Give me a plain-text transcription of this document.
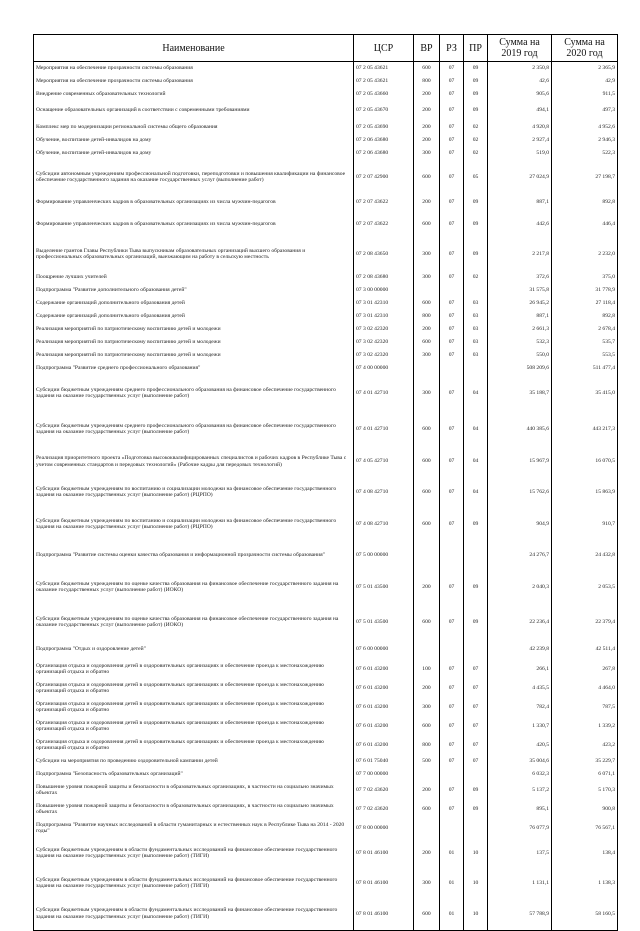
Наименование	ЦСР	ВР	РЗ	ПР	Сумма на 2019 год	Сумма на 2020 год
Мероприятия на обеспечение прозрачности системы образования	07 2 05 43621	600	07	09	2 350,8	2 365,9
Мероприятия на обеспечение прозрачности системы образования	07 2 05 43621	800	07	09	42,6	42,9
Внедрение современных образовательных технологий	07 2 05 43660	200	07	09	905,6	911,5
Оснащение образовательных организаций в соответствии с современными требованиями	07 2 05 43670	200	07	09	494,1	497,3
Комплекс мер по модернизации региональной системы общего образования	07 2 05 43690	200	07	02	4 920,8	4 952,6
Обучение, воспитание детей-инвалидов на дому	07 2 06 43680	200	07	02	2 927,4	2 946,3
Обучение, воспитание детей-инвалидов на дому	07 2 06 43680	300	07	02	519,0	522,3
Субсидии автономным учреждениям профессиональной подготовки, переподготовки и повышения квалификации на финансовое обеспечение государственного задания на оказание государственных услуг (выполнение работ)	07 2 07 42900	600	07	05	27 024,9	27 198,7
Формирование управленческих кадров в образовательных организациях из числа мужчин-педагогов	07 2 07 43622	200	07	09	887,1	892,8
Формирование управленческих кадров в образовательных организациях из числа мужчин-педагогов	07 2 07 43622	600	07	09	442,6	446,4
Выделение грантов Главы Республики Тыва выпускникам образовательных организаций высшего образования и профессиональных образовательных организаций, выезжающим на работу в сельскую местность	07 2 08 43650	300	07	09	2 217,8	2 232,0
Поощрение лучших учителей	07 2 08 43680	300	07	02	372,6	375,0
Подпрограмма "Развитие дополнительного образования детей"	07 3 00 00000				31 575,8	31 778,9
Содержание организаций дополнительного образования детей	07 3 01 42310	600	07	03	26 945,2	27 118,4
Содержание организаций дополнительного образования детей	07 3 01 42310	800	07	03	887,1	892,8
Реализация мероприятий по патриотическому воспитанию детей и молодежи	07 3 02 42320	200	07	03	2 661,3	2 678,4
Реализация мероприятий по патриотическому воспитанию детей и молодежи	07 3 02 42320	600	07	03	532,3	535,7
Реализация мероприятий по патриотическому воспитанию детей и молодежи	07 3 02 42320	300	07	03	550,0	553,5
Подпрограмма "Развитие среднего профессионального образования"	07 4 00 00000				508 209,6	511 477,4
Субсидии бюджетным учреждениям среднего профессионального образования на финансовое обеспечение государственного задания на оказание государственных услуг (выполнение работ)	07 4 01 42710	300	07	04	35 188,7	35 415,0
Субсидии бюджетным учреждениям среднего профессионального образования на финансовое обеспечение государственного задания на оказание государственных услуг (выполнение работ)	07 4 01 42710	600	07	04	440 385,6	443 217,3
Реализация приоритетного проекта «Подготовка высококвалифицированных специалистов и рабочих кадров в Республике Тыва с учетом современных стандартов и передовых технологий» (Рабочие кадры для передовых технологий)	07 4 05 42710	600	07	04	15 967,9	16 070,5
Субсидии бюджетным учреждениям по воспитанию и социализации молодежи на финансовое обеспечение государственного задания на оказание государственных услуг (выполнение работ) (РЦРПО)	07 4 08 42710	600	07	04	15 762,6	15 863,9
Субсидии бюджетным учреждениям по воспитанию и социализации молодежи на финансовое обеспечение государственного задания на оказание государственных услуг (выполнение работ) (РЦРПО)	07 4 08 42710	600	07	09	904,9	910,7
Подпрограмма "Развитие системы оценки качества образования и информационной прозрачности системы образования"	07 5 00 00000				24 276,7	24 432,8
Субсидии бюджетным учреждениям по оценке качества образования на финансовое обеспечение государственного задания на оказание государственных услуг (выполнение работ) (ИОКО)	07 5 01 43500	200	07	09	2 040,3	2 053,5
Субсидии бюджетным учреждениям по оценке качества образования на финансовое обеспечение государственного задания на оказание государственных услуг (выполнение работ) (ИОКО)	07 5 01 43500	600	07	09	22 236,4	22 379,4
Подпрограмма "Отдых и оздоровление детей"	07 6 00 00000				42 239,8	42 511,4
Организация отдыха и оздоровления детей в оздоровительных организациях и обеспечение проезда к местонахождению организаций отдыха и обратно	07 6 01 43200	100	07	07	266,1	267,8
Организация отдыха и оздоровления детей в оздоровительных организациях и обеспечение проезда к местонахождению организаций отдыха и обратно	07 6 01 43200	200	07	07	4 435,5	4 464,0
Организация отдыха и оздоровления детей в оздоровительных организациях и обеспечение проезда к местонахождению организаций отдыха и обратно	07 6 01 43200	300	07	07	782,4	787,5
Организация отдыха и оздоровления детей в оздоровительных организациях и обеспечение проезда к местонахождению организаций отдыха и обратно	07 6 01 43200	600	07	07	1 330,7	1 339,2
Организация отдыха и оздоровления детей в оздоровительных организациях и обеспечение проезда к местонахождению организаций отдыха и обратно	07 6 01 43200	800	07	07	420,5	423,2
Субсидии на мероприятия по проведению оздоровительной кампании детей	07 6 01 75040	500	07	07	35 004,6	35 229,7
Подпрограмма "Безопасность образовательных организаций"	07 7 00 00000				6 032,3	6 071,1
Повышение уровня пожарной защиты и безопасности в образовательных организациях, в частности на социально значимых объектах	07 7 02 43620	200	07	09	5 137,2	5 170,3
Повышение уровня пожарной защиты и безопасности в образовательных организациях, в частности на социально значимых объектах	07 7 02 43620	600	07	09	895,1	900,8
Подпрограмма "Развитие научных исследований в области гуманитарных и естественных наук в Республике Тыва на 2014 - 2020 годы"	07 8 00 00000				76 077,9	76 567,1
Субсидии бюджетным учреждениям в области фундаментальных исследований на финансовое обеспечение государственного задания на оказание государственных услуг (выполнение работ) (ТИГИ)	07 8 01 46100	200	01	10	137,5	138,4
Субсидии бюджетным учреждениям в области фундаментальных исследований на финансовое обеспечение государственного задания на оказание государственных услуг (выполнение работ) (ТИГИ)	07 8 01 46100	300	01	10	1 131,1	1 138,3
Субсидии бюджетным учреждениям в области фундаментальных исследований на финансовое обеспечение государственного задания на оказание государственных услуг (выполнение работ) (ТИГИ)	07 8 01 46100	600	01	10	57 788,9	58 160,5
